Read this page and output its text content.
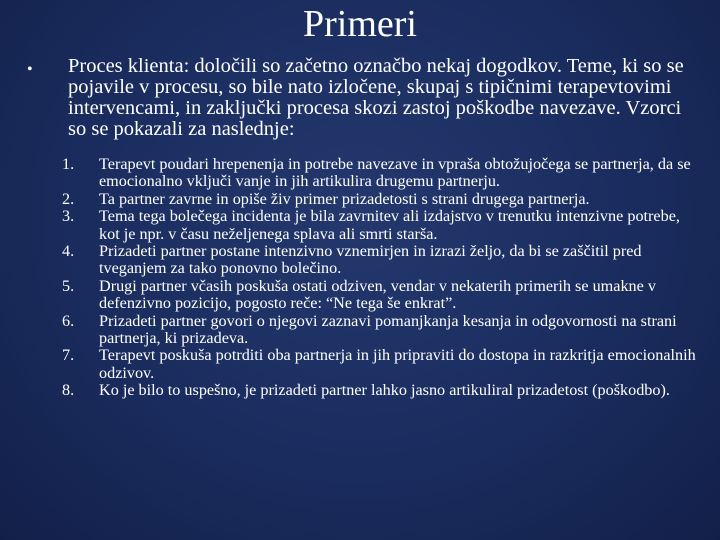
Primeri
• Proces klienta: določili so začetno označbo nekaj dogodkov. Teme, ki so se pojavile v procesu, so bile nato izločene, skupaj s tipičnimi terapevtovimi intervencami, in zaključki procesa skozi zastoj poškodbe navezave. Vzorci so se pokazali za naslednje:

1. Terapevt poudari hrepenenja in potrebe navezave in vpraša obtožujočega se partnerja, da se emocionalno vključi vanje in jih artikulira drugemu partnerju.
2. Ta partner zavrne in opiše živ primer prizadetosti s strani drugega partnerja.
3. Tema tega bolečega incidenta je bila zavrnitev ali izdajstvo v trenutku intenzivne potrebe, kot je npr. v času neželjenega splava ali smrti starša.
4. Prizadeti partner postane intenzivno vznemirjen in izrazi željo, da bi se zaščitil pred tveganjem za tako ponovno bolečino.
5. Drugi partner včasih poskuša ostati odziven, vendar v nekaterih primerih se umakne v defenzivno pozicijo, pogosto reče: “Ne tega še enkrat”.
6. Prizadeti partner govori o njegovi zaznavi pomanjkanja kesanja in odgovornosti na strani partnerja, ki prizadeva.
7. Terapevt poskuša potrditi oba partnerja in jih pripraviti do dostopa in razkritja emocionalnih odzivov.
8. Ko je bilo to uspešno, je prizadeti partner lahko jasno artikuliral prizadetost (poškodbo).
